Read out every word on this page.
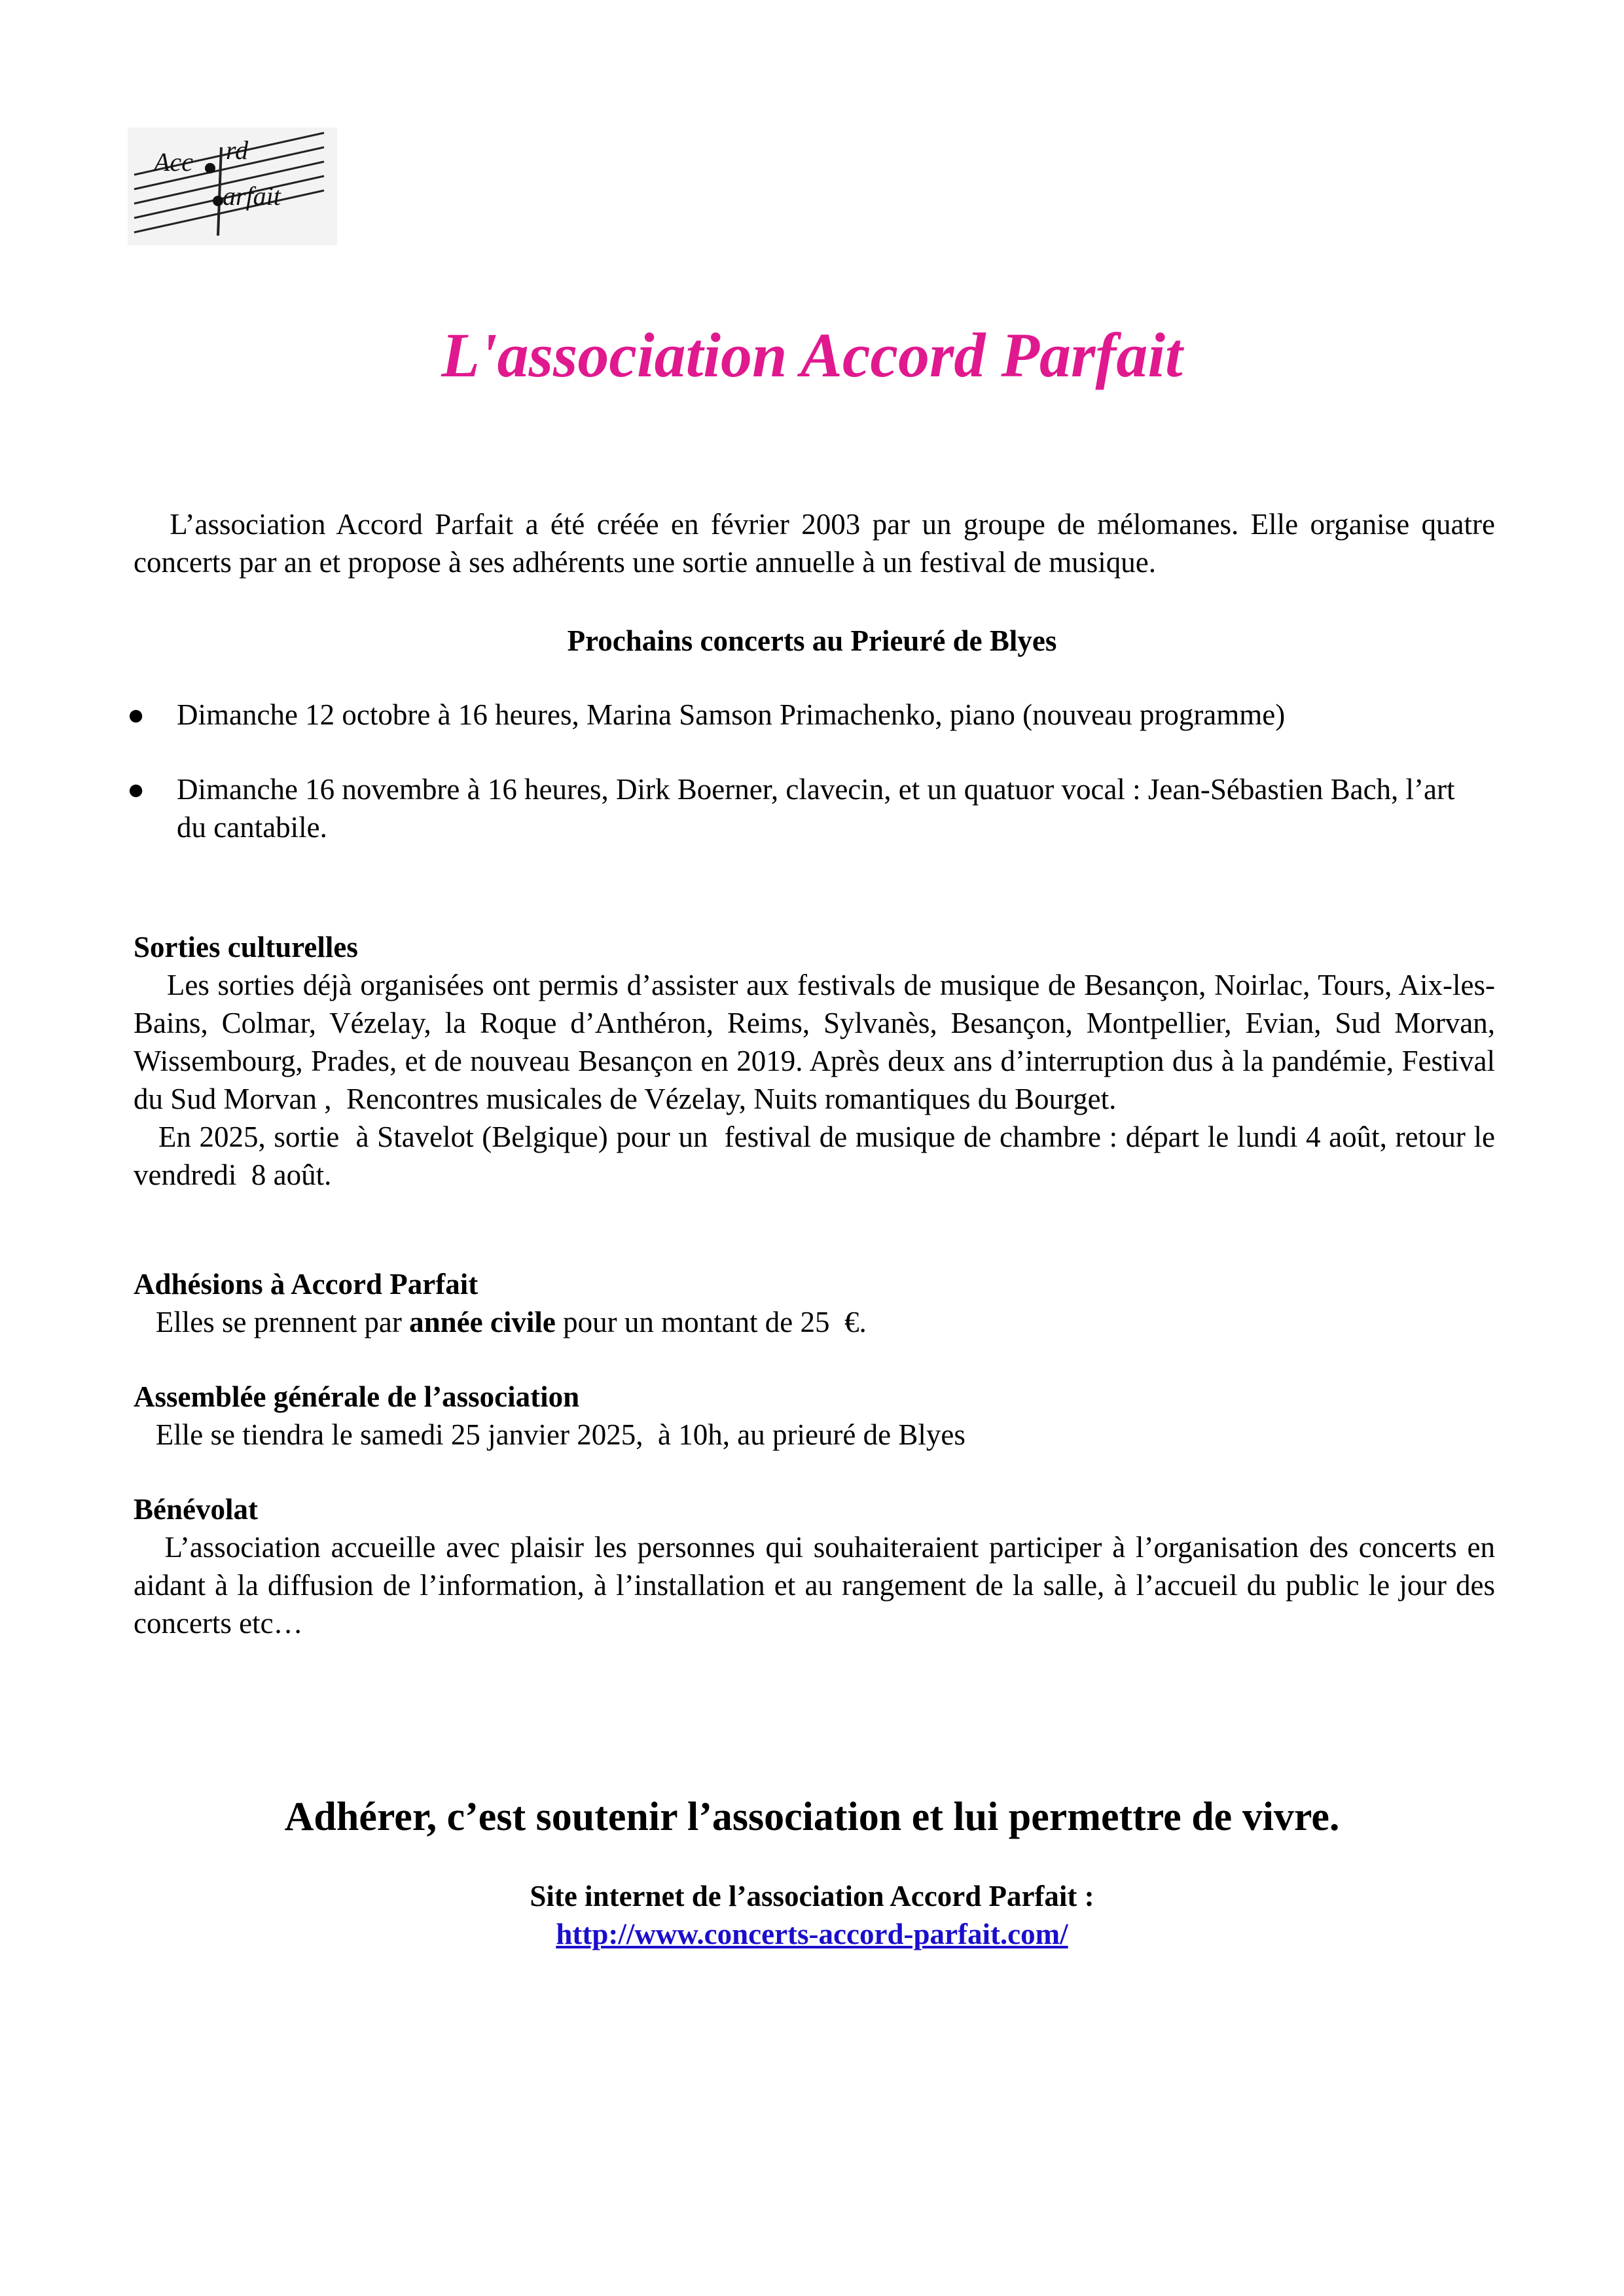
Acc rd
arfait
L'association Accord Parfait

L’association Accord Parfait a été créée en février 2003 par un groupe de mélomanes. Elle organise quatre concerts par an et propose à ses adhérents une sortie annuelle à un festival de musique.

Prochains concerts au Prieuré de Blyes
● Dimanche 12 octobre à 16 heures, Marina Samson Primachenko, piano (nouveau programme)
● Dimanche 16 novembre à 16 heures, Dirk Boerner, clavecin, et un quatuor vocal : Jean-Sébastien Bach, l’art du cantabile.

Sorties culturelles

Les sorties déjà organisées ont permis d’assister aux festivals de musique de Besançon, Noirlac, Tours, Aix-les-Bains, Colmar, Vézelay, la Roque d’Anthéron, Reims, Sylvanès, Besançon, Montpellier, Evian, Sud Morvan, Wissembourg, Prades, et de nouveau Besançon en 2019. Après deux ans d’interruption dus à la pandémie, Festival du Sud Morvan ,  Rencontres musicales de Vézelay, Nuits romantiques du Bourget.

En 2025, sortie  à Stavelot (Belgique) pour un  festival de musique de chambre : départ le lundi 4 août, retour le vendredi  8 août.

Adhésions à Accord Parfait

Elles se prennent par année civile pour un montant de 25  €.

Assemblée générale de l’association

Elle se tiendra le samedi 25 janvier 2025,  à 10h, au prieuré de Blyes

Bénévolat

L’association accueille avec plaisir les personnes qui souhaiteraient participer à l’organisation des concerts en aidant à la diffusion de l’information, à l’installation et au rangement de la salle, à l’accueil du public le jour des concerts etc…

Adhérer, c’est soutenir l’association et lui permettre de vivre.
Site internet de l’association Accord Parfait :
http://www.concerts-accord-parfait.com/
